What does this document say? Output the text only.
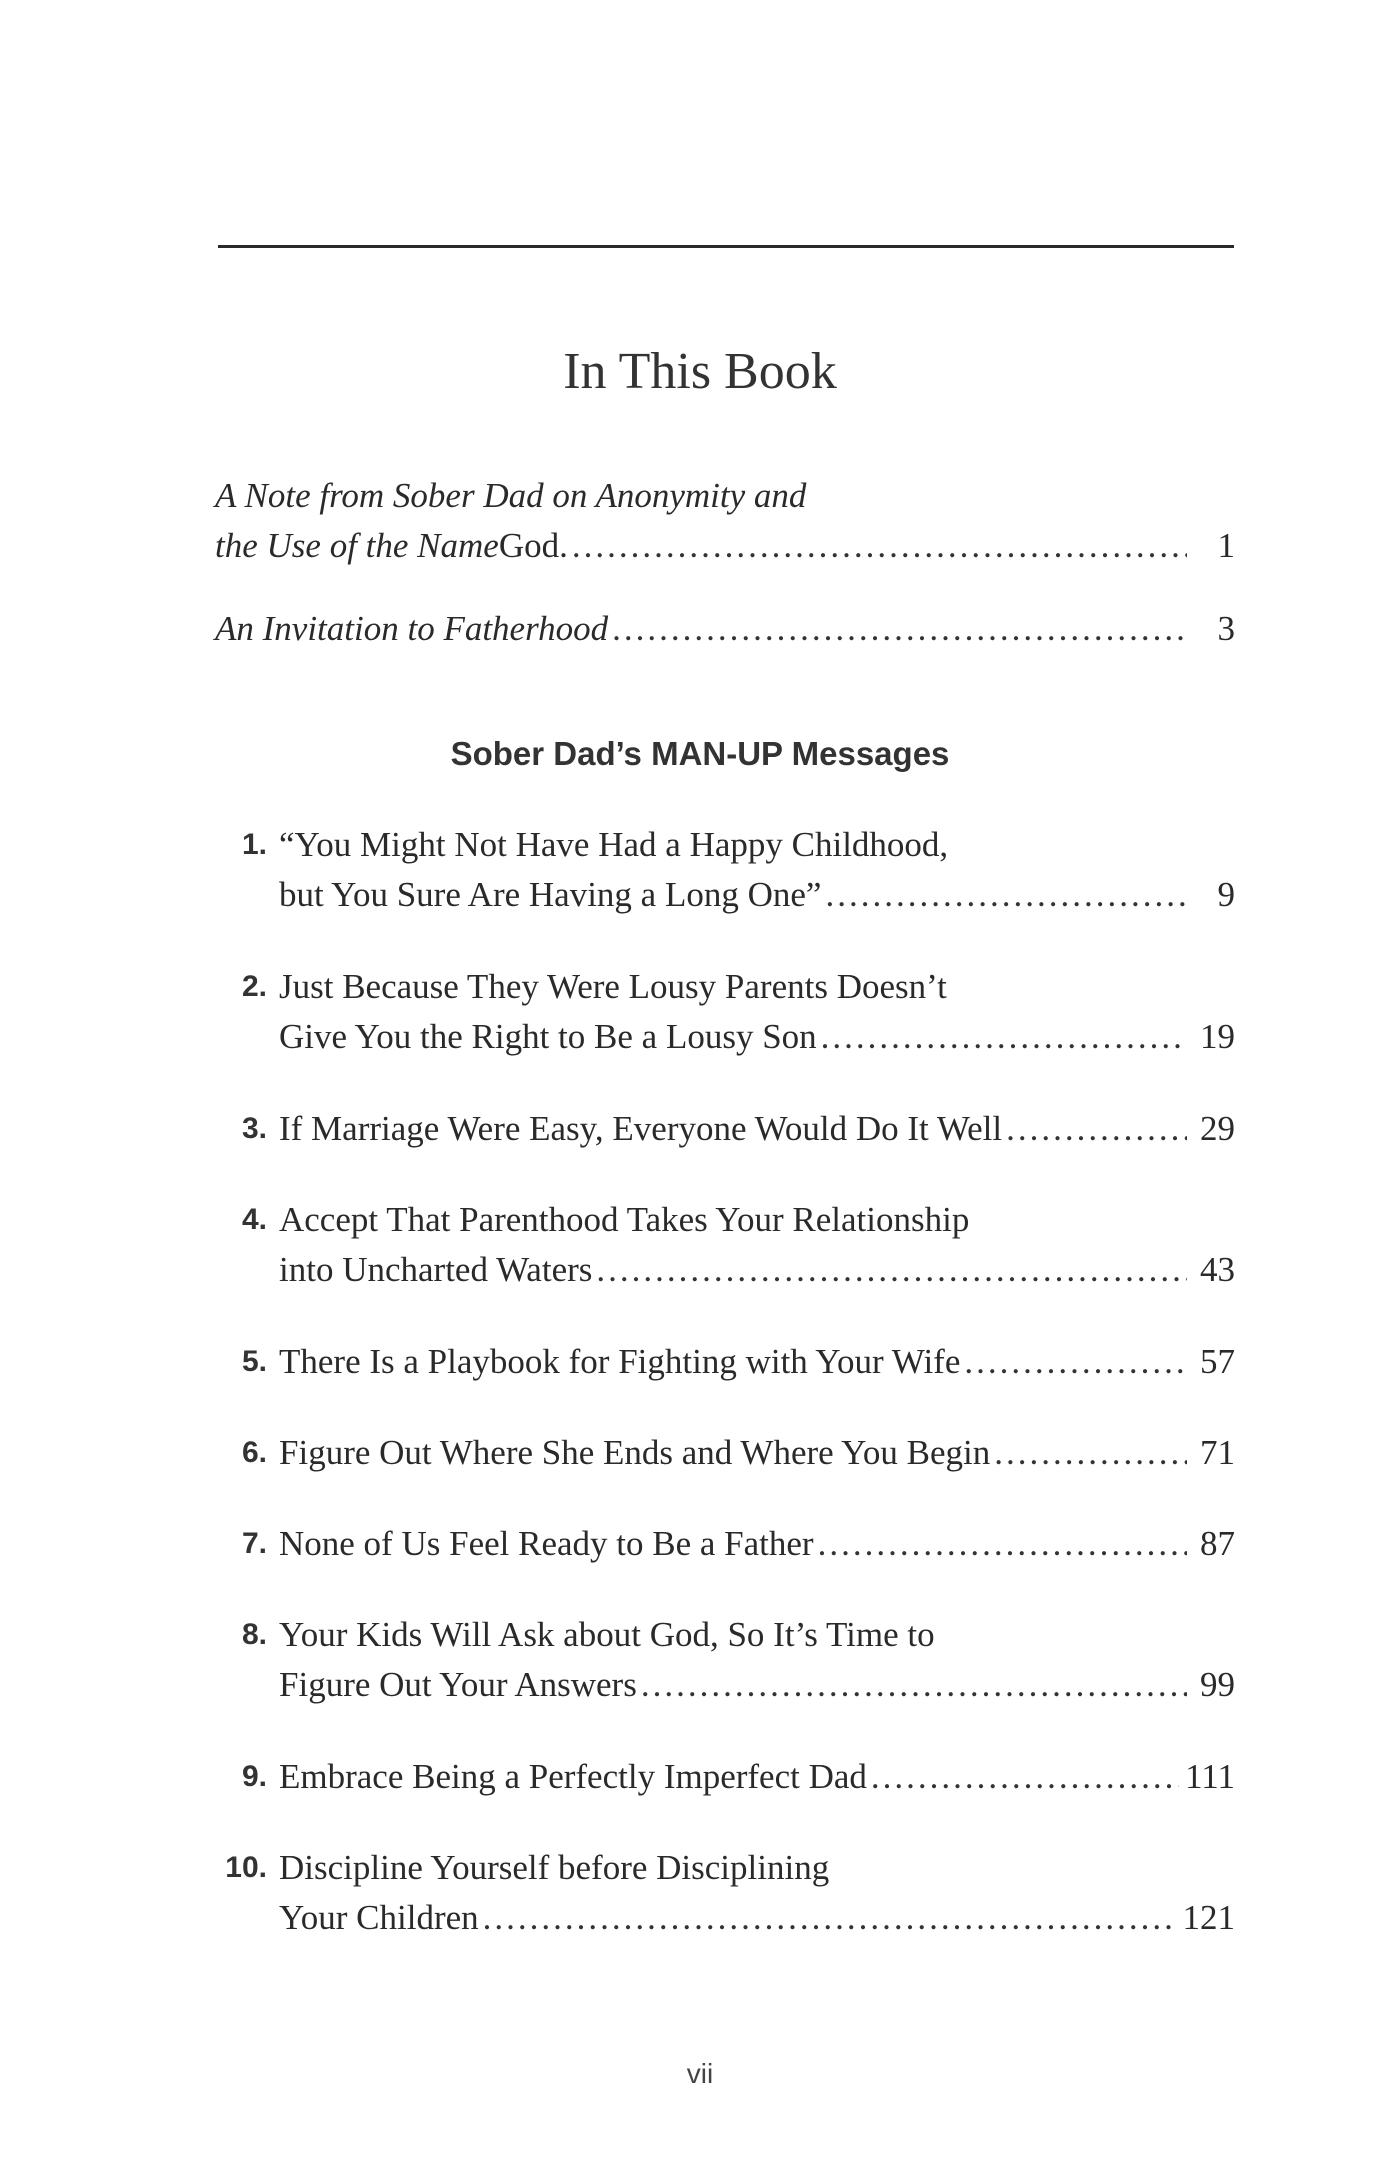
In This Book
A Note from Sober Dad on Anonymity and
the Use of the Name God. .....	1
An Invitation to Fatherhood .....	3
Sober Dad’s MAN-UP Messages
1. “You Might Not Have Had a Happy Childhood,
but You Sure Are Having a Long One” .....	9
2. Just Because They Were Lousy Parents Doesn’t
Give You the Right to Be a Lousy Son .....	19
3. If Marriage Were Easy, Everyone Would Do It Well .....	29
4. Accept That Parenthood Takes Your Relationship
into Uncharted Waters .....	43
5. There Is a Playbook for Fighting with Your Wife .....	57
6. Figure Out Where She Ends and Where You Begin .....	71
7. None of Us Feel Ready to Be a Father .....	87
8. Your Kids Will Ask about God, So It’s Time to
Figure Out Your Answers .....	99
9. Embrace Being a Perfectly Imperfect Dad .....	111
10. Discipline Yourself before Disciplining
Your Children .....	121
vii
